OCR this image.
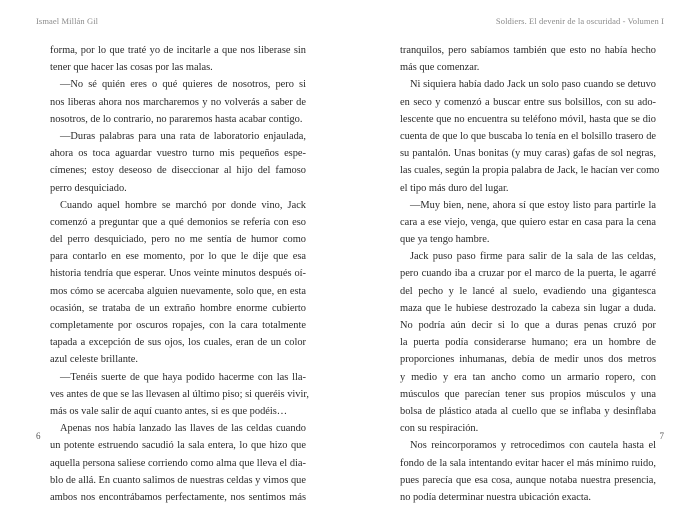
Ismael Millán Gil
forma, por lo que traté yo de incitarle a que nos liberase sin
tener que hacer las cosas por las malas.
—No sé quién eres o qué quieres de nosotros, pero si
nos liberas ahora nos marcharemos y no volverás a saber de
nosotros, de lo contrario, no pararemos hasta acabar contigo.
—Duras palabras para una rata de laboratorio enjaulada,
ahora os toca aguardar vuestro turno mis pequeños espe-
címenes; estoy deseoso de diseccionar al hijo del famoso
perro desquiciado.
Cuando aquel hombre se marchó por donde vino, Jack
comenzó a preguntar que a qué demonios se refería con eso
del perro desquiciado, pero no me sentía de humor como
para contarlo en ese momento, por lo que le dije que esa
historia tendría que esperar. Unos veinte minutos después oí-
mos cómo se acercaba alguien nuevamente, solo que, en esta
ocasión, se trataba de un extraño hombre enorme cubierto
completamente por oscuros ropajes, con la cara totalmente
tapada a excepción de sus ojos, los cuales, eran de un color
azul celeste brillante.
—Tenéis suerte de que haya podido hacerme con las lla-
ves antes de que se las llevasen al último piso; si queréis vivir,
más os vale salir de aquí cuanto antes, si es que podéis…
Apenas nos había lanzado las llaves de las celdas cuando
un potente estruendo sacudió la sala entera, lo que hizo que
aquella persona saliese corriendo como alma que lleva el dia-
blo de allá. En cuanto salimos de nuestras celdas y vimos que
ambos nos encontrábamos perfectamente, nos sentimos más
6
Soldiers. El devenir de la oscuridad - Volumen I
tranquilos, pero sabíamos también que esto no había hecho
más que comenzar.
Ni siquiera había dado Jack un solo paso cuando se detuvo
en seco y comenzó a buscar entre sus bolsillos, con su ado-
lescente que no encuentra su teléfono móvil, hasta que se dio
cuenta de que lo que buscaba lo tenía en el bolsillo trasero de
su pantalón. Unas bonitas (y muy caras) gafas de sol negras,
las cuales, según la propia palabra de Jack, le hacían ver como
el tipo más duro del lugar.
—Muy bien, nene, ahora sí que estoy listo para partirle la
cara a ese viejo, venga, que quiero estar en casa para la cena
que ya tengo hambre.
Jack puso paso firme para salir de la sala de las celdas,
pero cuando iba a cruzar por el marco de la puerta, le agarré
del pecho y le lancé al suelo, evadiendo una gigantesca
maza que le hubiese destrozado la cabeza sin lugar a duda.
No podría aún decir si lo que a duras penas cruzó por
la puerta podía considerarse humano; era un hombre de
proporciones inhumanas, debía de medir unos dos metros
y medio y era tan ancho como un armario ropero, con
músculos que parecían tener sus propios músculos y una
bolsa de plástico atada al cuello que se inflaba y desinflaba
con su respiración.
Nos reincorporamos y retrocedimos con cautela hasta el
fondo de la sala intentando evitar hacer el más mínimo ruido,
pues parecía que esa cosa, aunque notaba nuestra presencia,
no podía determinar nuestra ubicación exacta.
7
